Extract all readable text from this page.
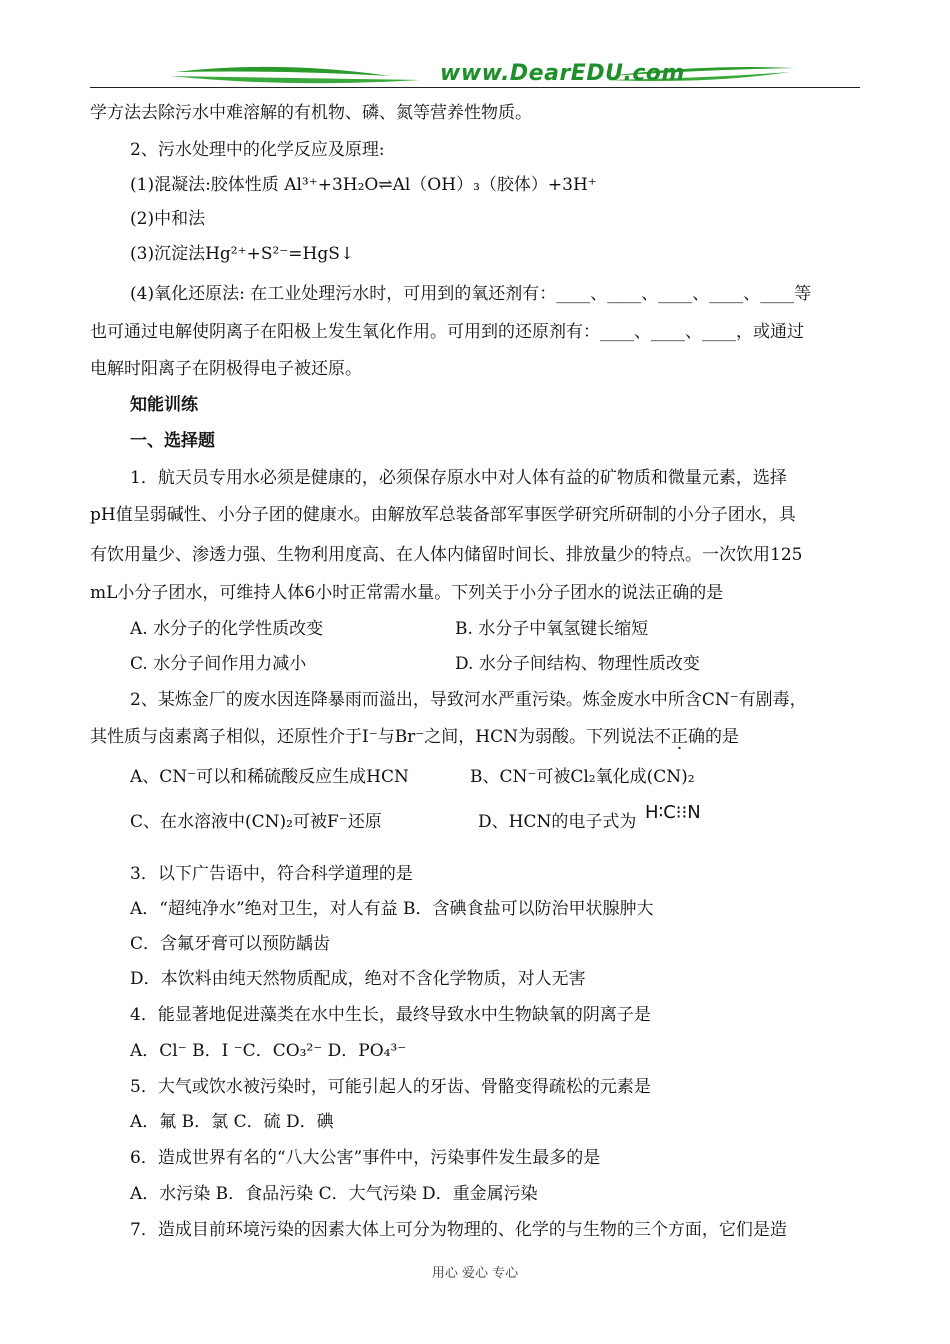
www.DearEDU.com
学方法去除污水中难溶解的有机物、磷、氮等营养性物质。
2、污水处理中的化学反应及原理:
(1)混凝法:胶体性质 Al³⁺+3H₂O⇌Al（OH）₃（胶体）+3H⁺
(2)中和法
(3)沉淀法Hg²⁺+S²⁻=HgS↓
(4)氧化还原法: 在工业处理污水时，可用到的氧还剂有：____、____、____、____、____等
也可通过电解使阴离子在阳极上发生氧化作用。可用到的还原剂有：____、____、____，或通过
电解时阳离子在阴极得电子被还原。
知能训练
一、选择题
1．航天员专用水必须是健康的，必须保存原水中对人体有益的矿物质和微量元素，选择
pH值呈弱碱性、小分子团的健康水。由解放军总装备部军事医学研究所研制的小分子团水，具
有饮用量少、渗透力强、生物利用度高、在人体内储留时间长、排放量少的特点。一次饮用125
mL小分子团水，可维持人体6小时正常需水量。下列关于小分子团水的说法正确的是
A. 水分子的化学性质改变	B. 水分子中氧氢键长缩短
C. 水分子间作用力减小	D. 水分子间结构、物理性质改变
2、某炼金厂的废水因连降暴雨而溢出，导致河水严重污染。炼金废水中所含CN⁻有剧毒，
其性质与卤素离子相似，还原性介于I⁻与Br⁻之间，HCN为弱酸。下列说法不正确的是
A、CN⁻可以和稀硫酸反应生成HCN	B、CN⁻可被Cl₂氧化成(CN)₂
C、在水溶液中(CN)₂可被F⁻还原	D、HCN的电子式为 H∶C⁝⁝N
3．以下广告语中，符合科学道理的是
A．“超纯净水”绝对卫生，对人有益 B．含碘食盐可以防治甲状腺肿大
C．含氟牙膏可以预防龋齿
D．本饮料由纯天然物质配成，绝对不含化学物质，对人无害
4．能显著地促进藻类在水中生长，最终导致水中生物缺氧的阴离子是
A．Cl⁻ B．I ⁻C．CO₃²⁻ D．PO₄³⁻
5．大气或饮水被污染时，可能引起人的牙齿、骨骼变得疏松的元素是
A．氟 B．氯 C．硫 D．碘
6．造成世界有名的“八大公害”事件中，污染事件发生最多的是
A．水污染 B．食品污染 C．大气污染 D．重金属污染
7．造成目前环境污染的因素大体上可分为物理的、化学的与生物的三个方面，它们是造
用心 爱心 专心
